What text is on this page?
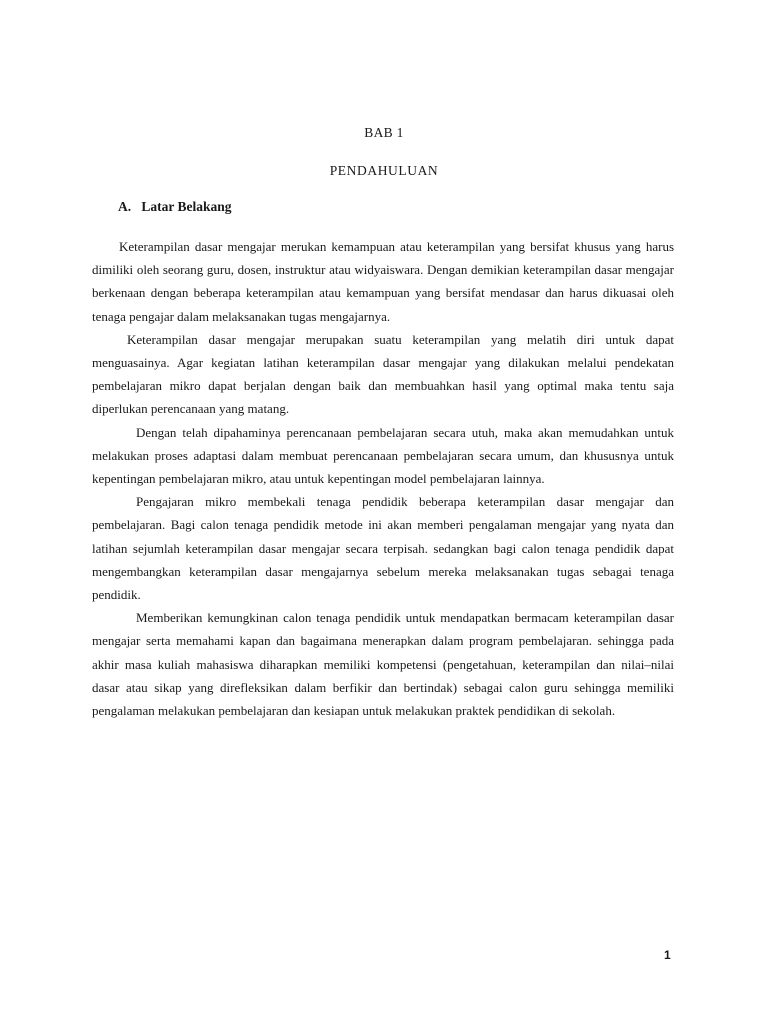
BAB 1
PENDAHULUAN
A. Latar Belakang

Keterampilan dasar mengajar merukan kemampuan atau keterampilan yang bersifat khusus yang harus dimiliki oleh seorang guru, dosen, instruktur atau widyaiswara. Dengan demikian keterampilan dasar mengajar berkenaan dengan beberapa keterampilan atau kemampuan yang bersifat mendasar dan harus dikuasai oleh tenaga pengajar dalam melaksanakan tugas mengajarnya.

Keterampilan dasar mengajar merupakan suatu keterampilan yang melatih diri untuk dapat menguasainya. Agar kegiatan latihan keterampilan dasar mengajar yang dilakukan melalui pendekatan pembelajaran mikro dapat berjalan dengan baik dan membuahkan hasil yang optimal maka tentu saja diperlukan perencanaan yang matang.

Dengan telah dipahaminya perencanaan pembelajaran secara utuh, maka akan memudahkan untuk melakukan proses adaptasi dalam membuat perencanaan pembelajaran secara umum, dan khususnya untuk kepentingan pembelajaran mikro, atau untuk kepentingan model pembelajaran lainnya.

Pengajaran mikro membekali tenaga pendidik beberapa keterampilan dasar mengajar dan pembelajaran. Bagi calon tenaga pendidik metode ini akan memberi pengalaman mengajar yang nyata dan latihan sejumlah keterampilan dasar mengajar secara terpisah. sedangkan bagi calon tenaga pendidik dapat mengembangkan keterampilan dasar mengajarnya sebelum mereka melaksanakan tugas sebagai tenaga pendidik.

Memberikan kemungkinan calon tenaga pendidik untuk mendapatkan bermacam keterampilan dasar mengajar serta memahami kapan dan bagaimana menerapkan dalam program pembelajaran. sehingga pada akhir masa kuliah mahasiswa diharapkan memiliki kompetensi (pengetahuan, keterampilan dan nilai–nilai dasar atau sikap yang direfleksikan dalam berfikir dan bertindak) sebagai calon guru sehingga memiliki pengalaman melakukan pembelajaran dan kesiapan untuk melakukan praktek pendidikan di sekolah.

1
